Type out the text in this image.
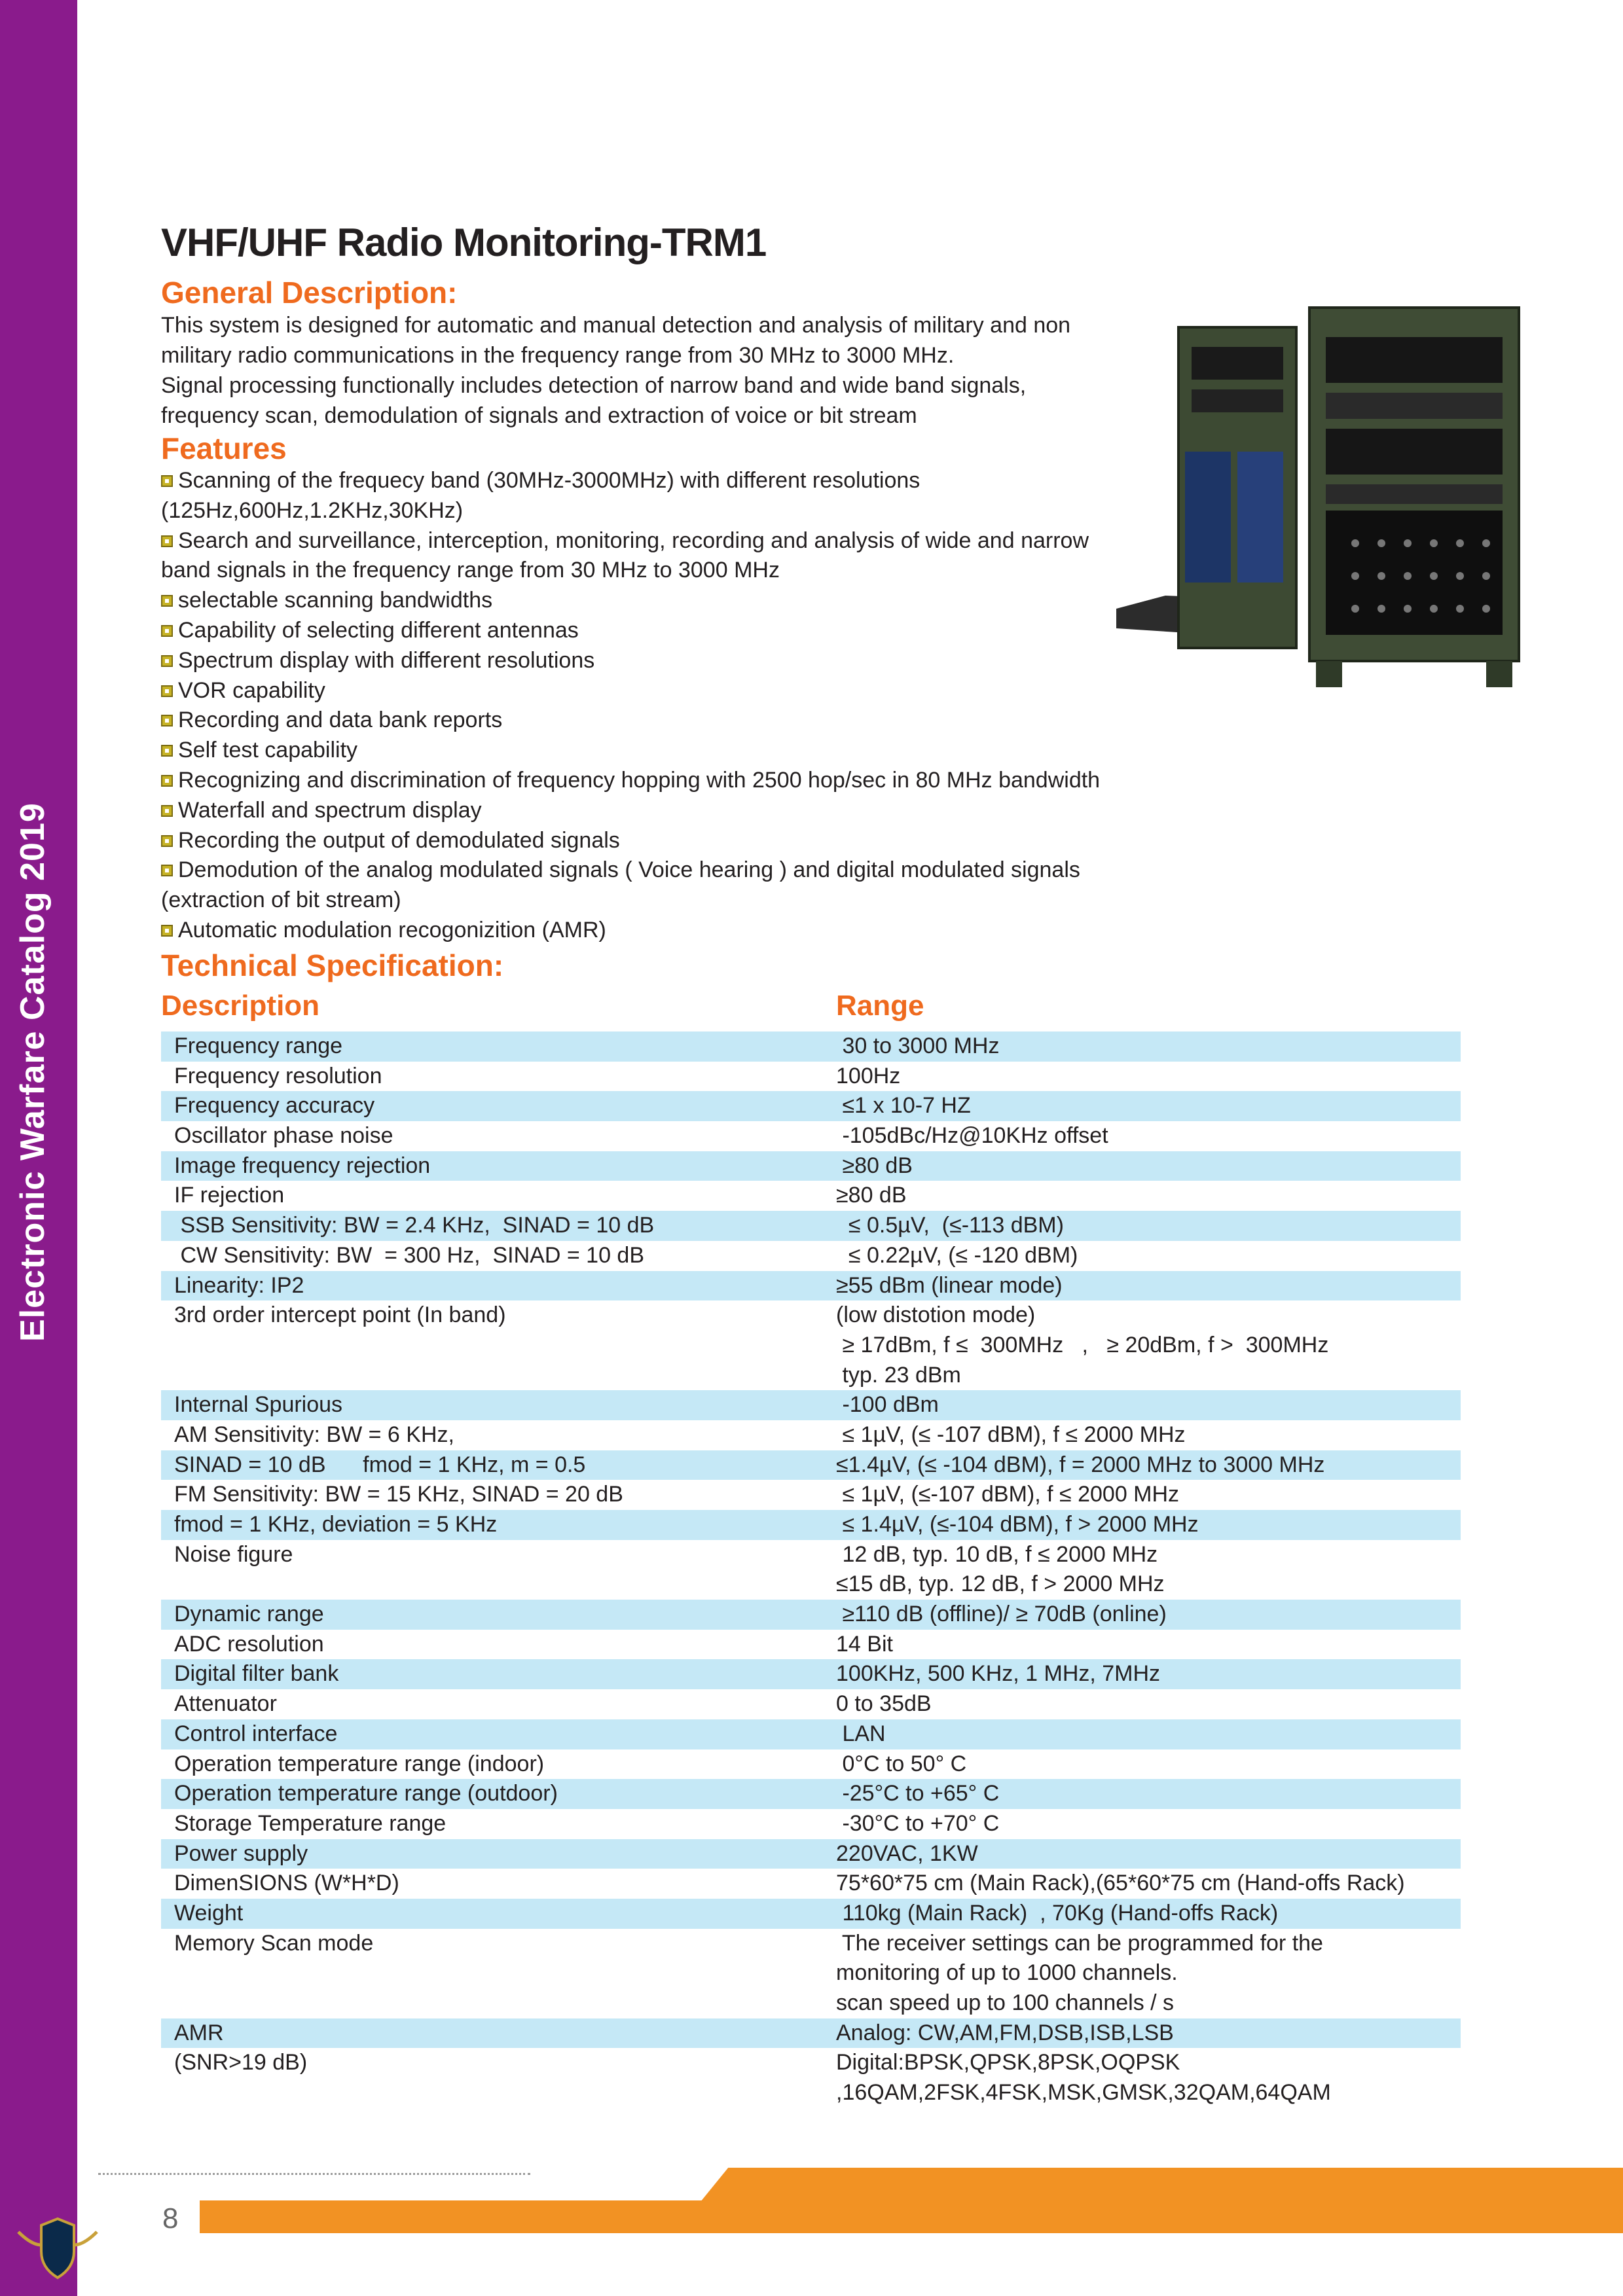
Electronic Warfare Catalog 2019
VHF/UHF Radio Monitoring-TRM1
General Description:
This system is designed for automatic and manual detection and analysis of military and non
military radio communications in the frequency range from 30 MHz to 3000 MHz.
Signal processing functionally includes detection of narrow band and wide band signals,
frequency scan, demodulation of signals and extraction of voice or bit stream
Features
Scanning of the frequecy band (30MHz-3000MHz) with different resolutions
(125Hz,600Hz,1.2KHz,30KHz)
Search and surveillance, interception, monitoring, recording and analysis of wide and narrow
band signals in the frequency range from 30 MHz to 3000 MHz
selectable scanning bandwidths
Capability of selecting different antennas
Spectrum display with different resolutions
VOR capability
Recording and data bank reports
Self test capability
Recognizing and discrimination of frequency hopping with 2500 hop/sec in 80 MHz bandwidth
Waterfall and spectrum display
Recording the output of demodulated signals
Demodution of the analog modulated signals ( Voice hearing ) and digital modulated signals
(extraction of bit stream)
Automatic modulation recogonizition (AMR)
Technical Specification:
Description	Range
Frequency range	30 to 3000 MHz
Frequency resolution	100Hz
Frequency accuracy	≤1 x 10-7 HZ
Oscillator phase noise	-105dBc/Hz@10KHz offset
Image frequency rejection	≥80 dB
IF rejection	≥80 dB
SSB Sensitivity: BW = 2.4 KHz,  SINAD = 10 dB	≤ 0.5µV,  (≤-113 dBM)
CW Sensitivity: BW  = 300 Hz,  SINAD = 10 dB	≤ 0.22µV, (≤ -120 dBM)
Linearity: IP2	≥55 dBm (linear mode)
3rd order intercept point (In band)	(low distotion mode)
≥ 17dBm, f ≤  300MHz   ,   ≥ 20dBm, f >  300MHz
typ. 23 dBm
Internal Spurious	-100 dBm
AM Sensitivity: BW = 6 KHz,	≤ 1µV, (≤ -107 dBM), f ≤ 2000 MHz
SINAD = 10 dB      fmod = 1 KHz, m = 0.5	≤1.4µV, (≤ -104 dBM), f = 2000 MHz to 3000 MHz
FM Sensitivity: BW = 15 KHz, SINAD = 20 dB	≤ 1µV, (≤-107 dBM), f ≤ 2000 MHz
fmod = 1 KHz, deviation = 5 KHz	≤ 1.4µV, (≤-104 dBM), f > 2000 MHz
Noise figure	12 dB, typ. 10 dB, f ≤ 2000 MHz
≤15 dB, typ. 12 dB, f > 2000 MHz
Dynamic range	≥110 dB (offline)/ ≥ 70dB (online)
ADC resolution	14 Bit
Digital filter bank	100KHz, 500 KHz, 1 MHz, 7MHz
Attenuator	0 to 35dB
Control interface	LAN
Operation temperature range (indoor)	0°C to 50° C
Operation temperature range (outdoor)	-25°C to +65° C
Storage Temperature range	-30°C to +70° C
Power supply	220VAC, 1KW
DimenSIONS (W*H*D)	75*60*75 cm (Main Rack),(65*60*75 cm (Hand-offs Rack)
Weight	110kg (Main Rack)  , 70Kg (Hand-offs Rack)
Memory Scan mode	The receiver settings can be programmed for the
monitoring of up to 1000 channels.
scan speed up to 100 channels / s
AMR	Analog: CW,AM,FM,DSB,ISB,LSB
(SNR>19 dB)	Digital:BPSK,QPSK,8PSK,OQPSK
,16QAM,2FSK,4FSK,MSK,GMSK,32QAM,64QAM
8
